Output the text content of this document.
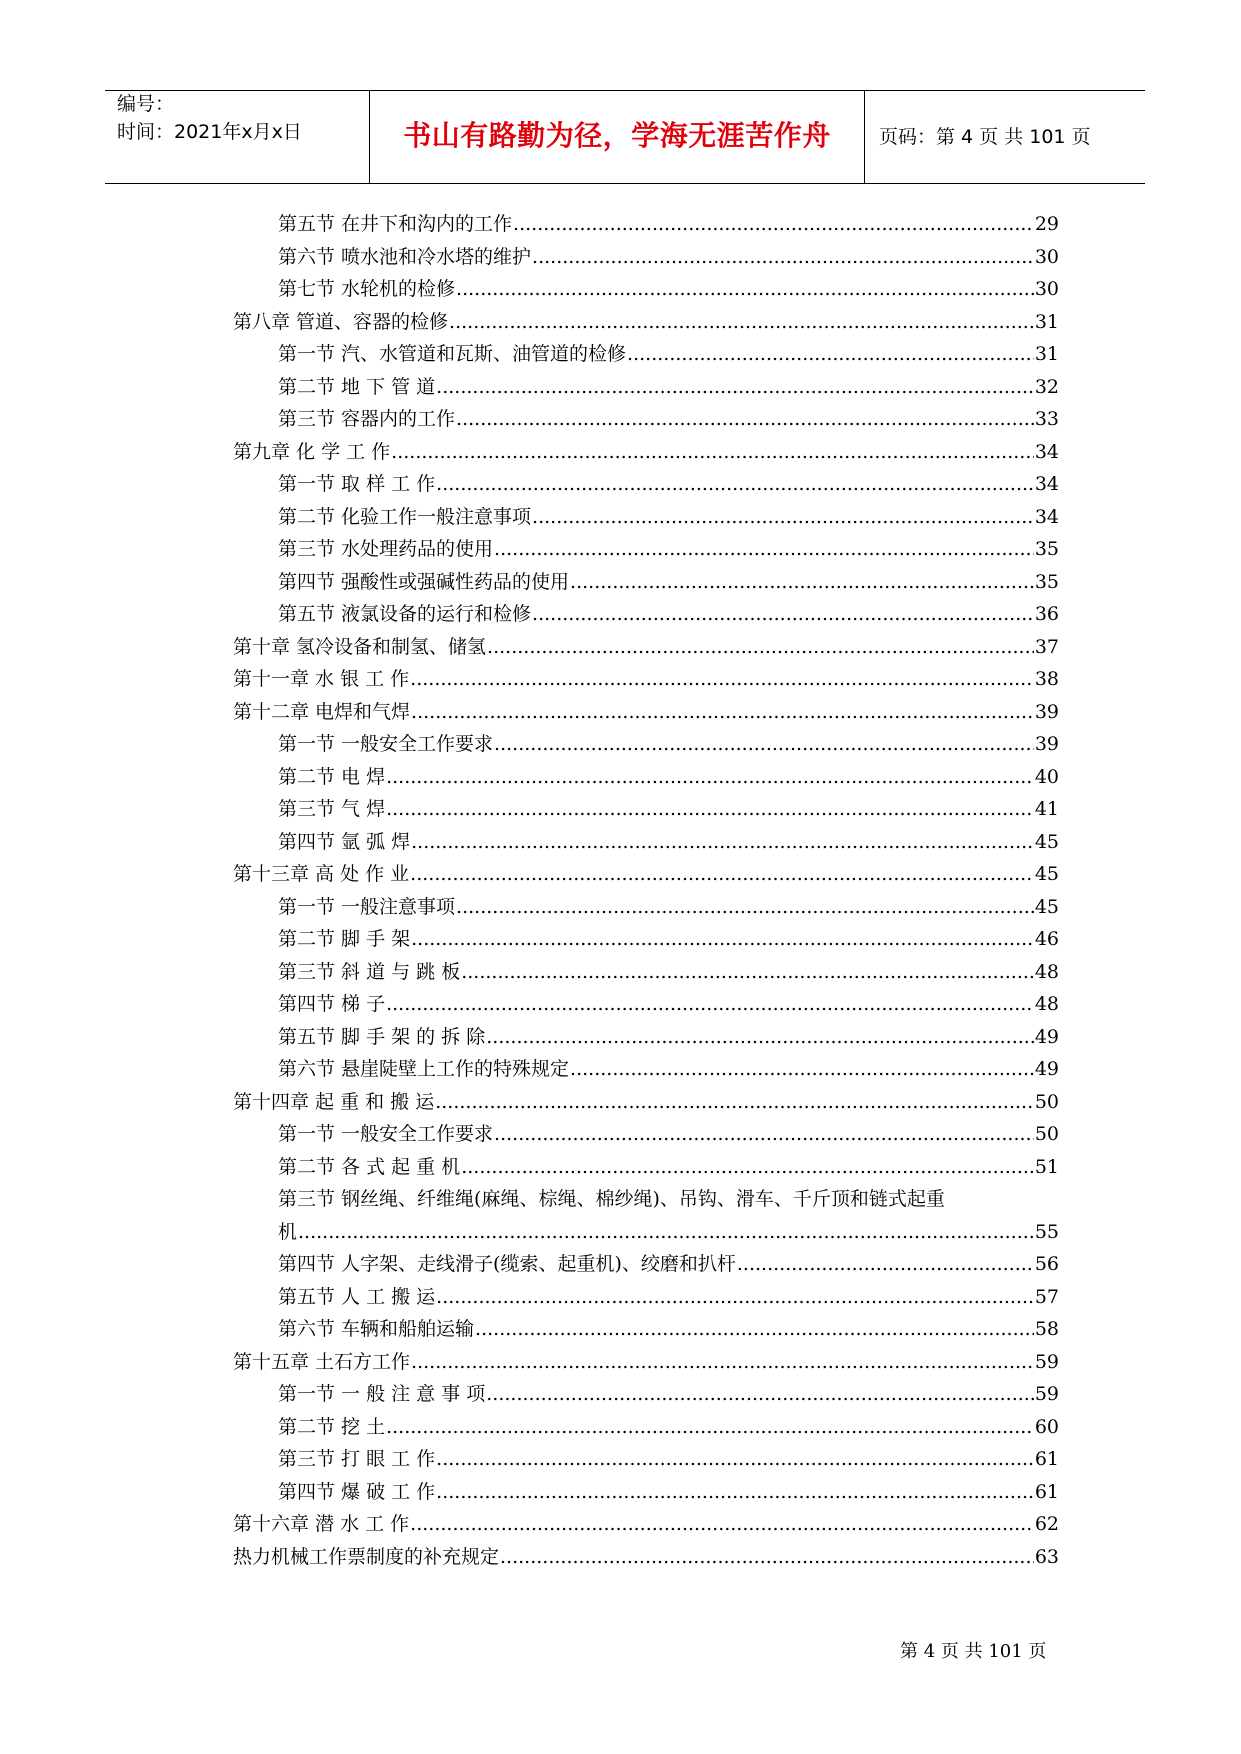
编号：
时间：2021年x月x日	书山有路勤为径，学海无涯苦作舟	页码：第 4 页 共 101 页
第五节 在井下和沟内的工作 .....	29
第六节 喷水池和冷水塔的维护 .....	30
第七节 水轮机的检修 .....	30
第八章 管道、容器的检修 .....	31
第一节 汽、水管道和瓦斯、油管道的检修 .....	31
第二节 地 下 管 道 .....	32
第三节 容器内的工作 .....	33
第九章 化 学 工 作 .....	34
第一节 取 样 工 作 .....	34
第二节 化验工作一般注意事项 .....	34
第三节 水处理药品的使用 .....	35
第四节 强酸性或强碱性药品的使用 .....	35
第五节 液氯设备的运行和检修 .....	36
第十章 氢冷设备和制氢、储氢 .....	37
第十一章 水 银 工 作 .....	38
第十二章 电焊和气焊 .....	39
第一节 一般安全工作要求 .....	39
第二节 电 焊 .....	40
第三节 气 焊 .....	41
第四节 氩 弧 焊 .....	45
第十三章 高 处 作 业 .....	45
第一节 一般注意事项 .....	45
第二节 脚 手 架 .....	46
第三节 斜 道 与 跳 板 .....	48
第四节 梯 子 .....	48
第五节 脚 手 架 的 拆 除 .....	49
第六节 悬崖陡壁上工作的特殊规定 .....	49
第十四章 起 重 和 搬 运 .....	50
第一节 一般安全工作要求 .....	50
第二节 各 式 起 重 机 .....	51
第三节 钢丝绳、纤维绳(麻绳、棕绳、棉纱绳)、吊钩、滑车、千斤顶和链式起重
机 .....	55
第四节 人字架、走线滑子(缆索、起重机)、绞磨和扒杆 .....	56
第五节 人 工 搬 运 .....	57
第六节 车辆和船舶运输 .....	58
第十五章 土石方工作 .....	59
第一节 一 般 注 意 事 项 .....	59
第二节 挖 土 .....	60
第三节 打 眼 工 作 .....	61
第四节 爆 破 工 作 .....	61
第十六章 潜 水 工 作 .....	62
热力机械工作票制度的补充规定 .....	63
第 4 页 共 101 页
